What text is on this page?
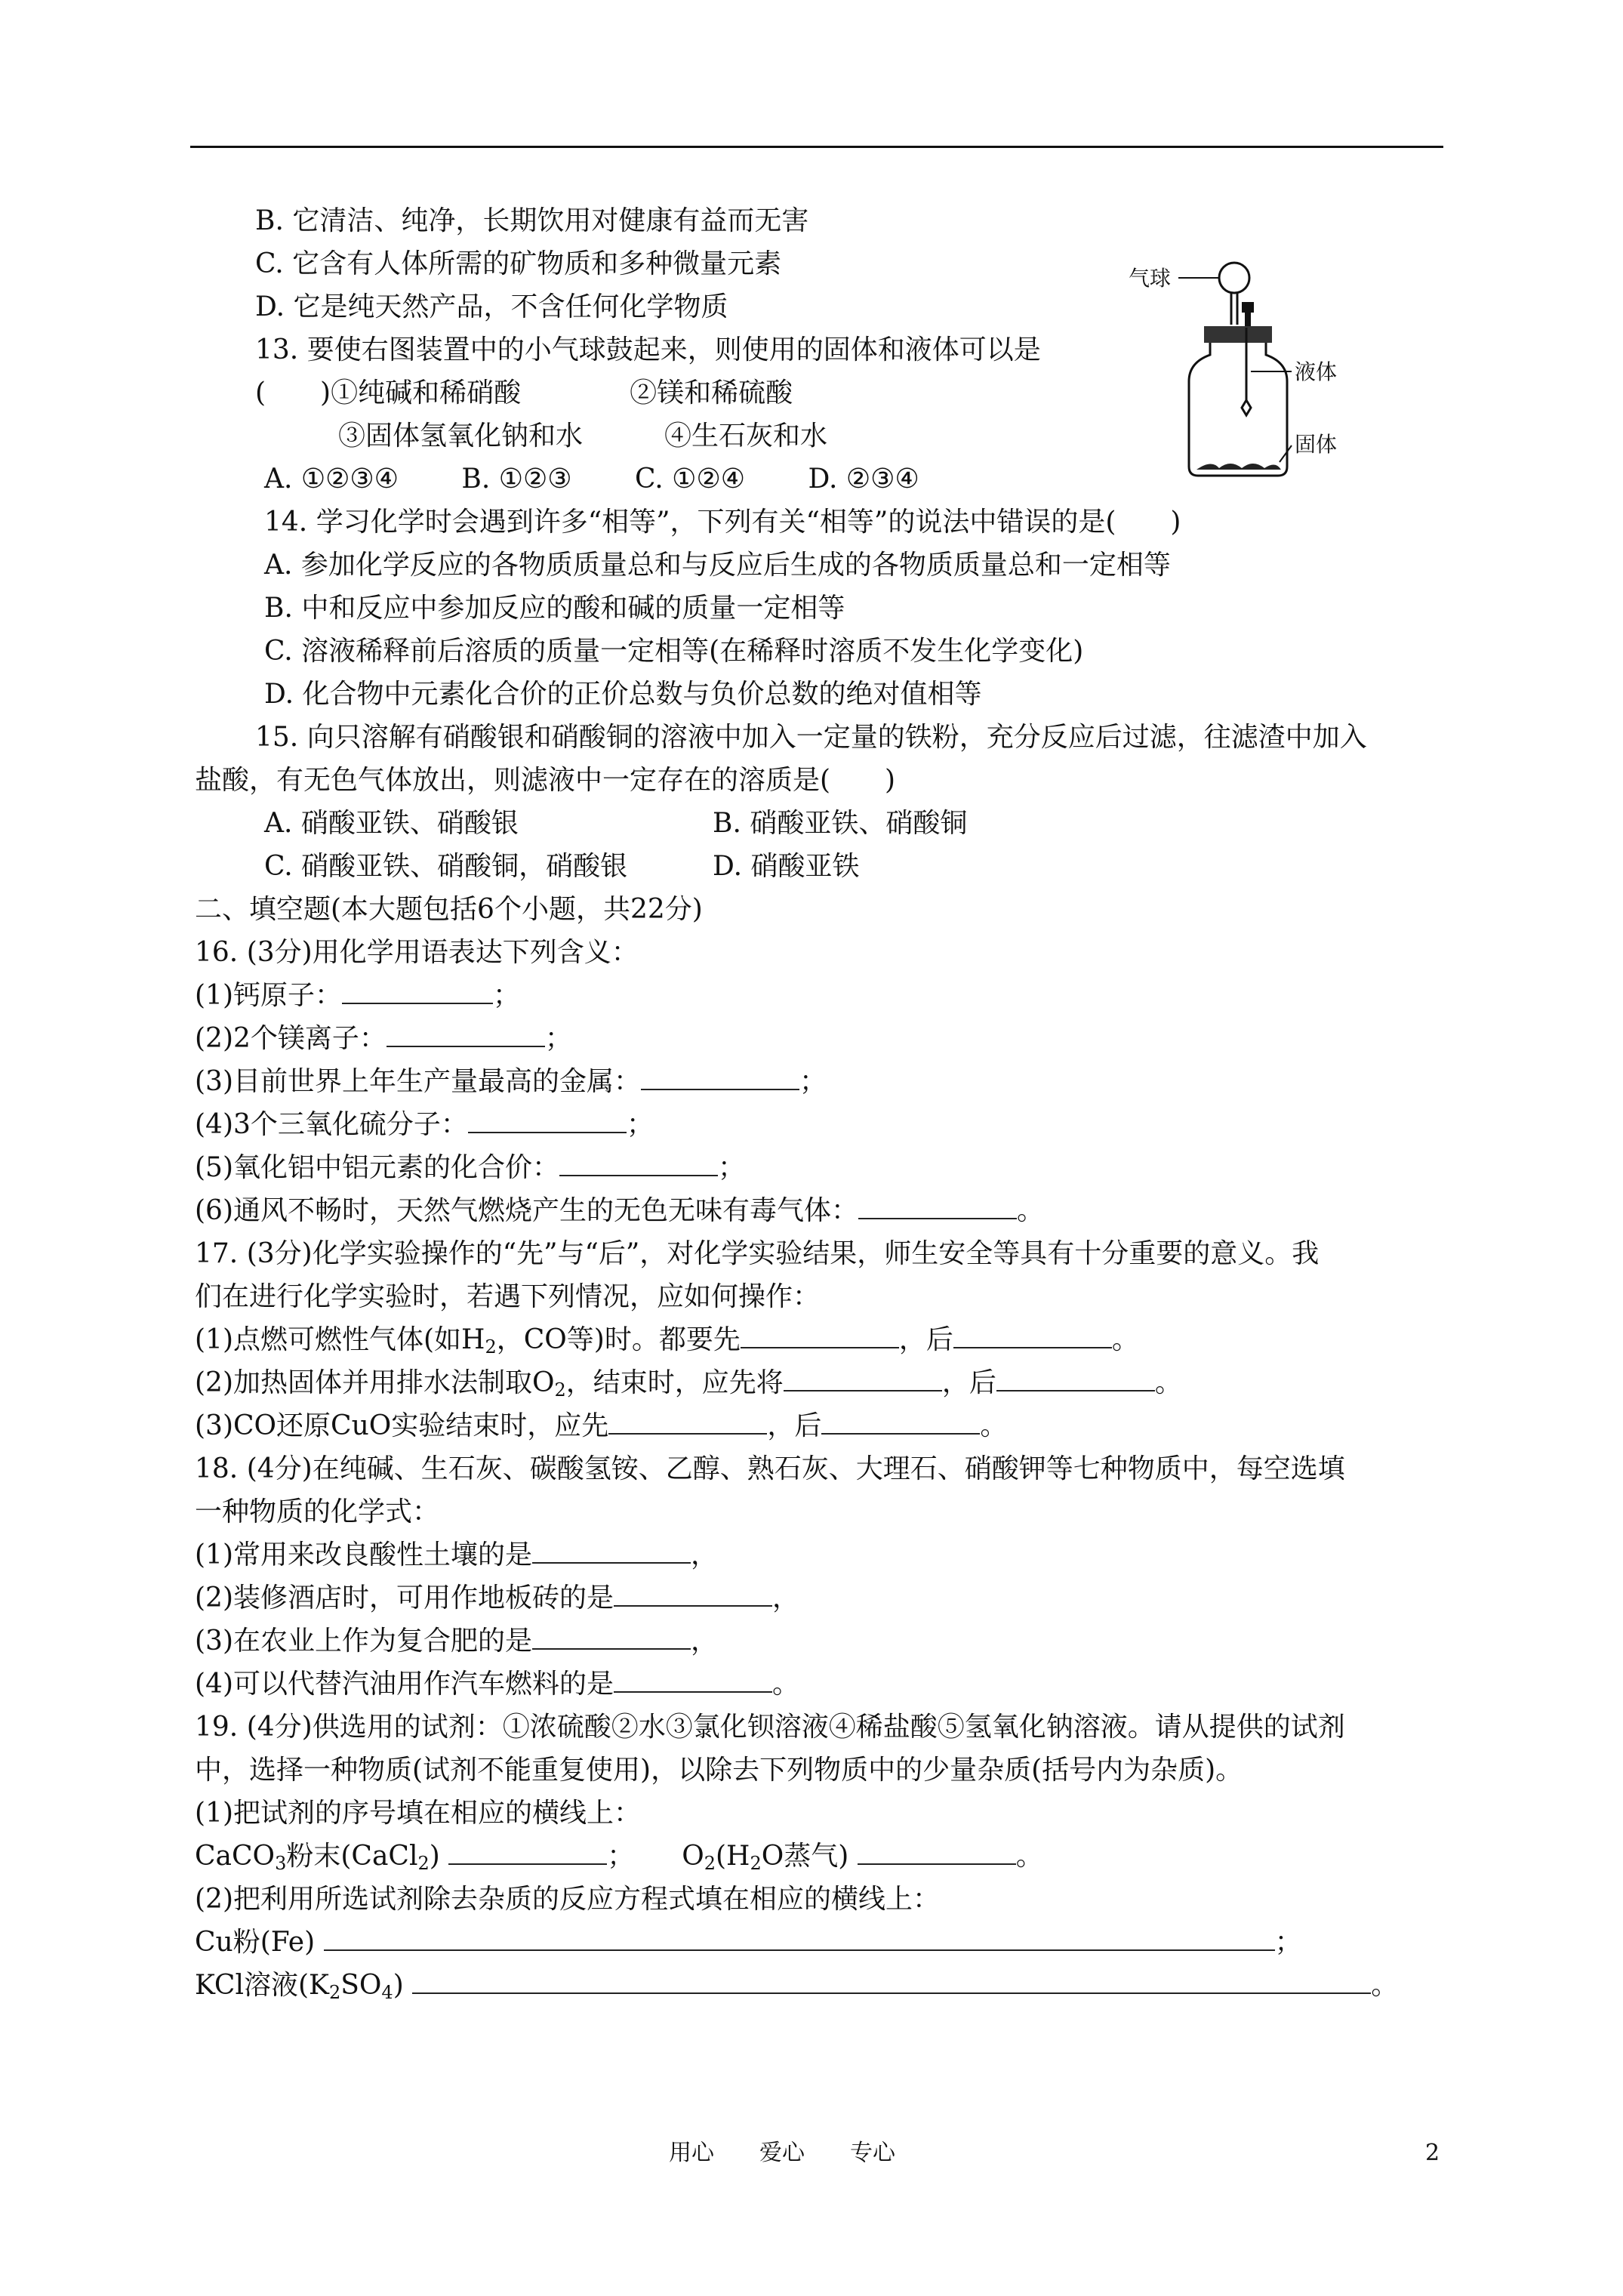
B. 它清洁、纯净，长期饮用对健康有益而无害
C. 它含有人体所需的矿物质和多种微量元素
D. 它是纯天然产品，不含任何化学物质
13. 要使右图装置中的小气球鼓起来，则使用的固体和液体可以是
(　　)①纯碱和稀硝酸　　　　②镁和稀硫酸
③固体氢氧化钠和水　　　④生石灰和水
A. ①②③④　　 B. ①②③　　 C. ①②④　　 D. ②③④
气球
液体
固体
14. 学习化学时会遇到许多“相等”，下列有关“相等”的说法中错误的是(　　)
A. 参加化学反应的各物质质量总和与反应后生成的各物质质量总和一定相等
B. 中和反应中参加反应的酸和碱的质量一定相等
C. 溶液稀释前后溶质的质量一定相等(在稀释时溶质不发生化学变化)
D. 化合物中元素化合价的正价总数与负价总数的绝对值相等
15. 向只溶解有硝酸银和硝酸铜的溶液中加入一定量的铁粉，充分反应后过滤，往滤渣中加入
盐酸，有无色气体放出，则滤液中一定存在的溶质是(　　)
A. 硝酸亚铁、硝酸银	B. 硝酸亚铁、硝酸铜
C. 硝酸亚铁、硝酸铜，硝酸银	D. 硝酸亚铁
二、填空题(本大题包括6个小题，共22分)
16. (3分)用化学用语表达下列含义：
(1)钙原子：	；
(2)2个镁离子：	；
(3)目前世界上年生产量最高的金属：	；
(4)3个三氧化硫分子：	；
(5)氧化铝中铝元素的化合价：	；
(6)通风不畅时，天然气燃烧产生的无色无味有毒气体：	。
17. (3分)化学实验操作的“先”与“后”，对化学实验结果，师生安全等具有十分重要的意义。我
们在进行化学实验时，若遇下列情况，应如何操作：
(1)点燃可燃性气体(如$H_2$，CO等)时。都要先	，后	。
(2)加热固体并用排水法制取$O_2$，结束时，应先将	，后	。
(3)CO还原CuO实验结束时，应先	，后	。
18. (4分)在纯碱、生石灰、碳酸氢铵、乙醇、熟石灰、大理石、硝酸钾等七种物质中，每空选填
一种物质的化学式：
(1)常用来改良酸性土壤的是	，
(2)装修酒店时，可用作地板砖的是	，
(3)在农业上作为复合肥的是	，
(4)可以代替汽油用作汽车燃料的是	。
19. (4分)供选用的试剂：①浓硫酸②水③氯化钡溶液④稀盐酸⑤氢氧化钠溶液。请从提供的试剂
中，选择一种物质(试剂不能重复使用)，以除去下列物质中的少量杂质(括号内为杂质)。
(1)把试剂的序号填在相应的横线上：
CaCO$_3$粉末(CaCl$_2$)	； $O_2(H_2O$蒸气)	。
(2)把利用所选试剂除去杂质的反应方程式填在相应的横线上：
Cu粉(Fe)	；
KCl溶液$(K_2SO_4)$	。
用心　　爱心　　专心	2
